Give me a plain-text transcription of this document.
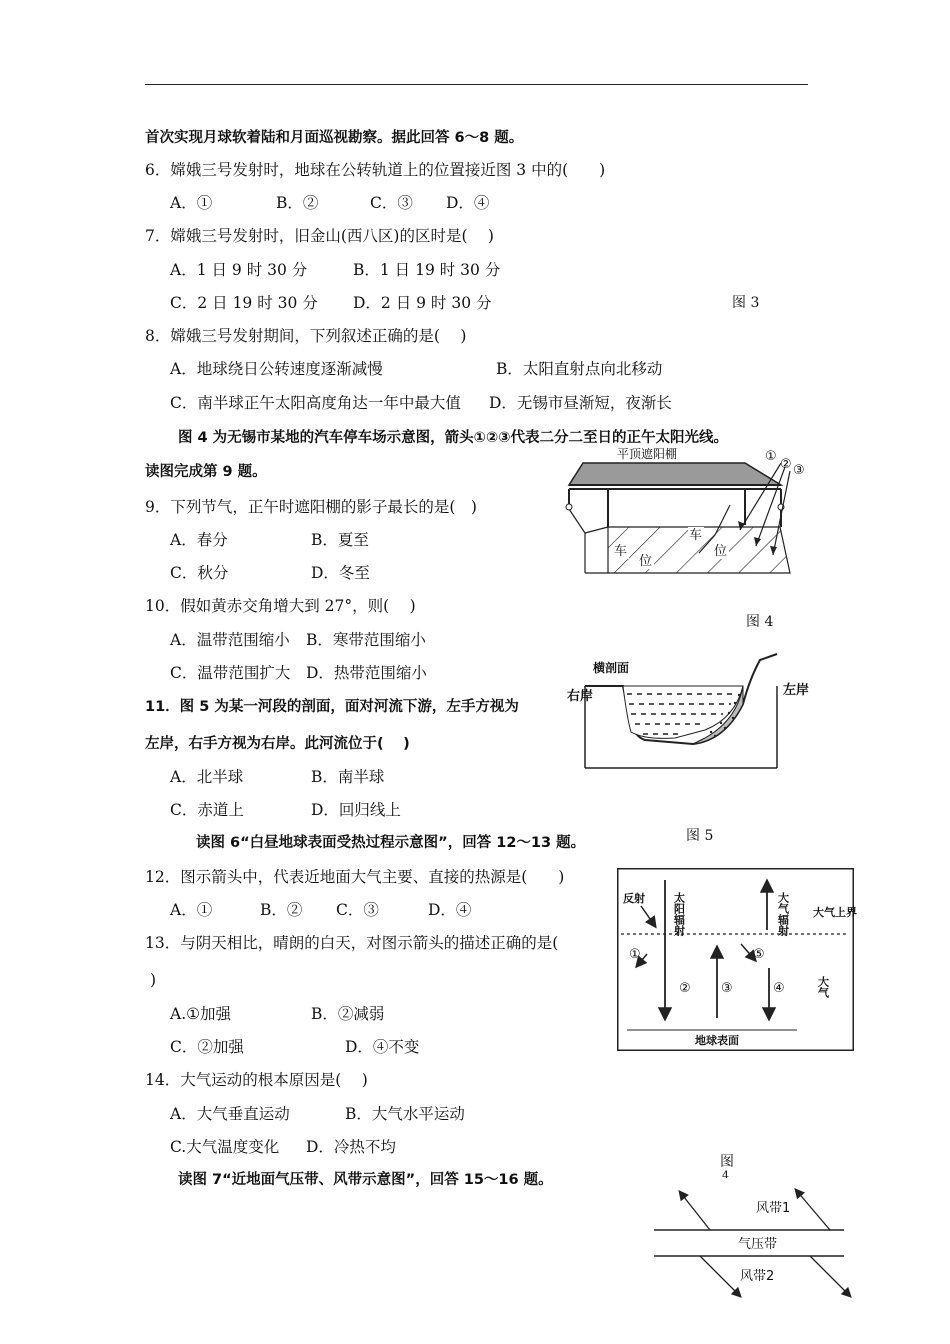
首次实现月球软着陆和月面巡视勘察。据此回答 6～8 题。
6．嫦娥三号发射时，地球在公转轨道上的位置接近图 3 中的(　　)
A．①	B．②	C．③ D．④
7．嫦娥三号发射时，旧金山(西八区)的区时是(　 )
A．1 日 9 时 30 分	B．1 日 19 时 30 分
C．2 日 19 时 30 分 D．2 日 9 时 30 分	图 3
8．嫦娥三号发射期间，下列叙述正确的是(　 )
A．地球绕日公转速度逐渐减慢	B．太阳直射点向北移动
C．南半球正午太阳高度角达一年中最大值 D．无锡市昼渐短，夜渐长
图 4 为无锡市某地的汽车停车场示意图，箭头①②③代表二分二至日的正午太阳光线。
读图完成第 9 题。
平顶遮阳棚	①
② ③
车
位
车
位
9．下列节气，正午时遮阳棚的影子最长的是(　)
A．春分	B．夏至
C．秋分	D．冬至
10．假如黄赤交角增大到 27°，则(　 )
图 4
A．温带范围缩小 B．寒带范围缩小
C．温带范围扩大 D．热带范围缩小
右岸
横剖面
左岸
11．图 5 为某一河段的剖面，面对河流下游，左手方视为
左岸，右手方视为右岸。此河流位于(　 )
A．北半球	B．南半球
C．赤道上	D．回归线上
读图 6“白昼地球表面受热过程示意图”，回答 12～13 题。	图 5
12．图示箭头中，代表近地面大气主要、直接的热源是(　　)
A．①	B．② C．③	D．④
反射	太阳辐射	大气辐射 大气上界
大气
地球表面
①
② ③
⑤
④
13．与阴天相比，晴朗的白天，对图示箭头的描述正确的是(
)
A.①加强	B．②减弱
C．②加强	D．④不变
14．大气运动的根本原因是(　 )
A．大气垂直运动	B．大气水平运动
C.大气温度变化 D．冷热不均
读图 7“近地面气压带、风带示意图”，回答 15～16 题。
图
4
风带1
气压带
风带2
